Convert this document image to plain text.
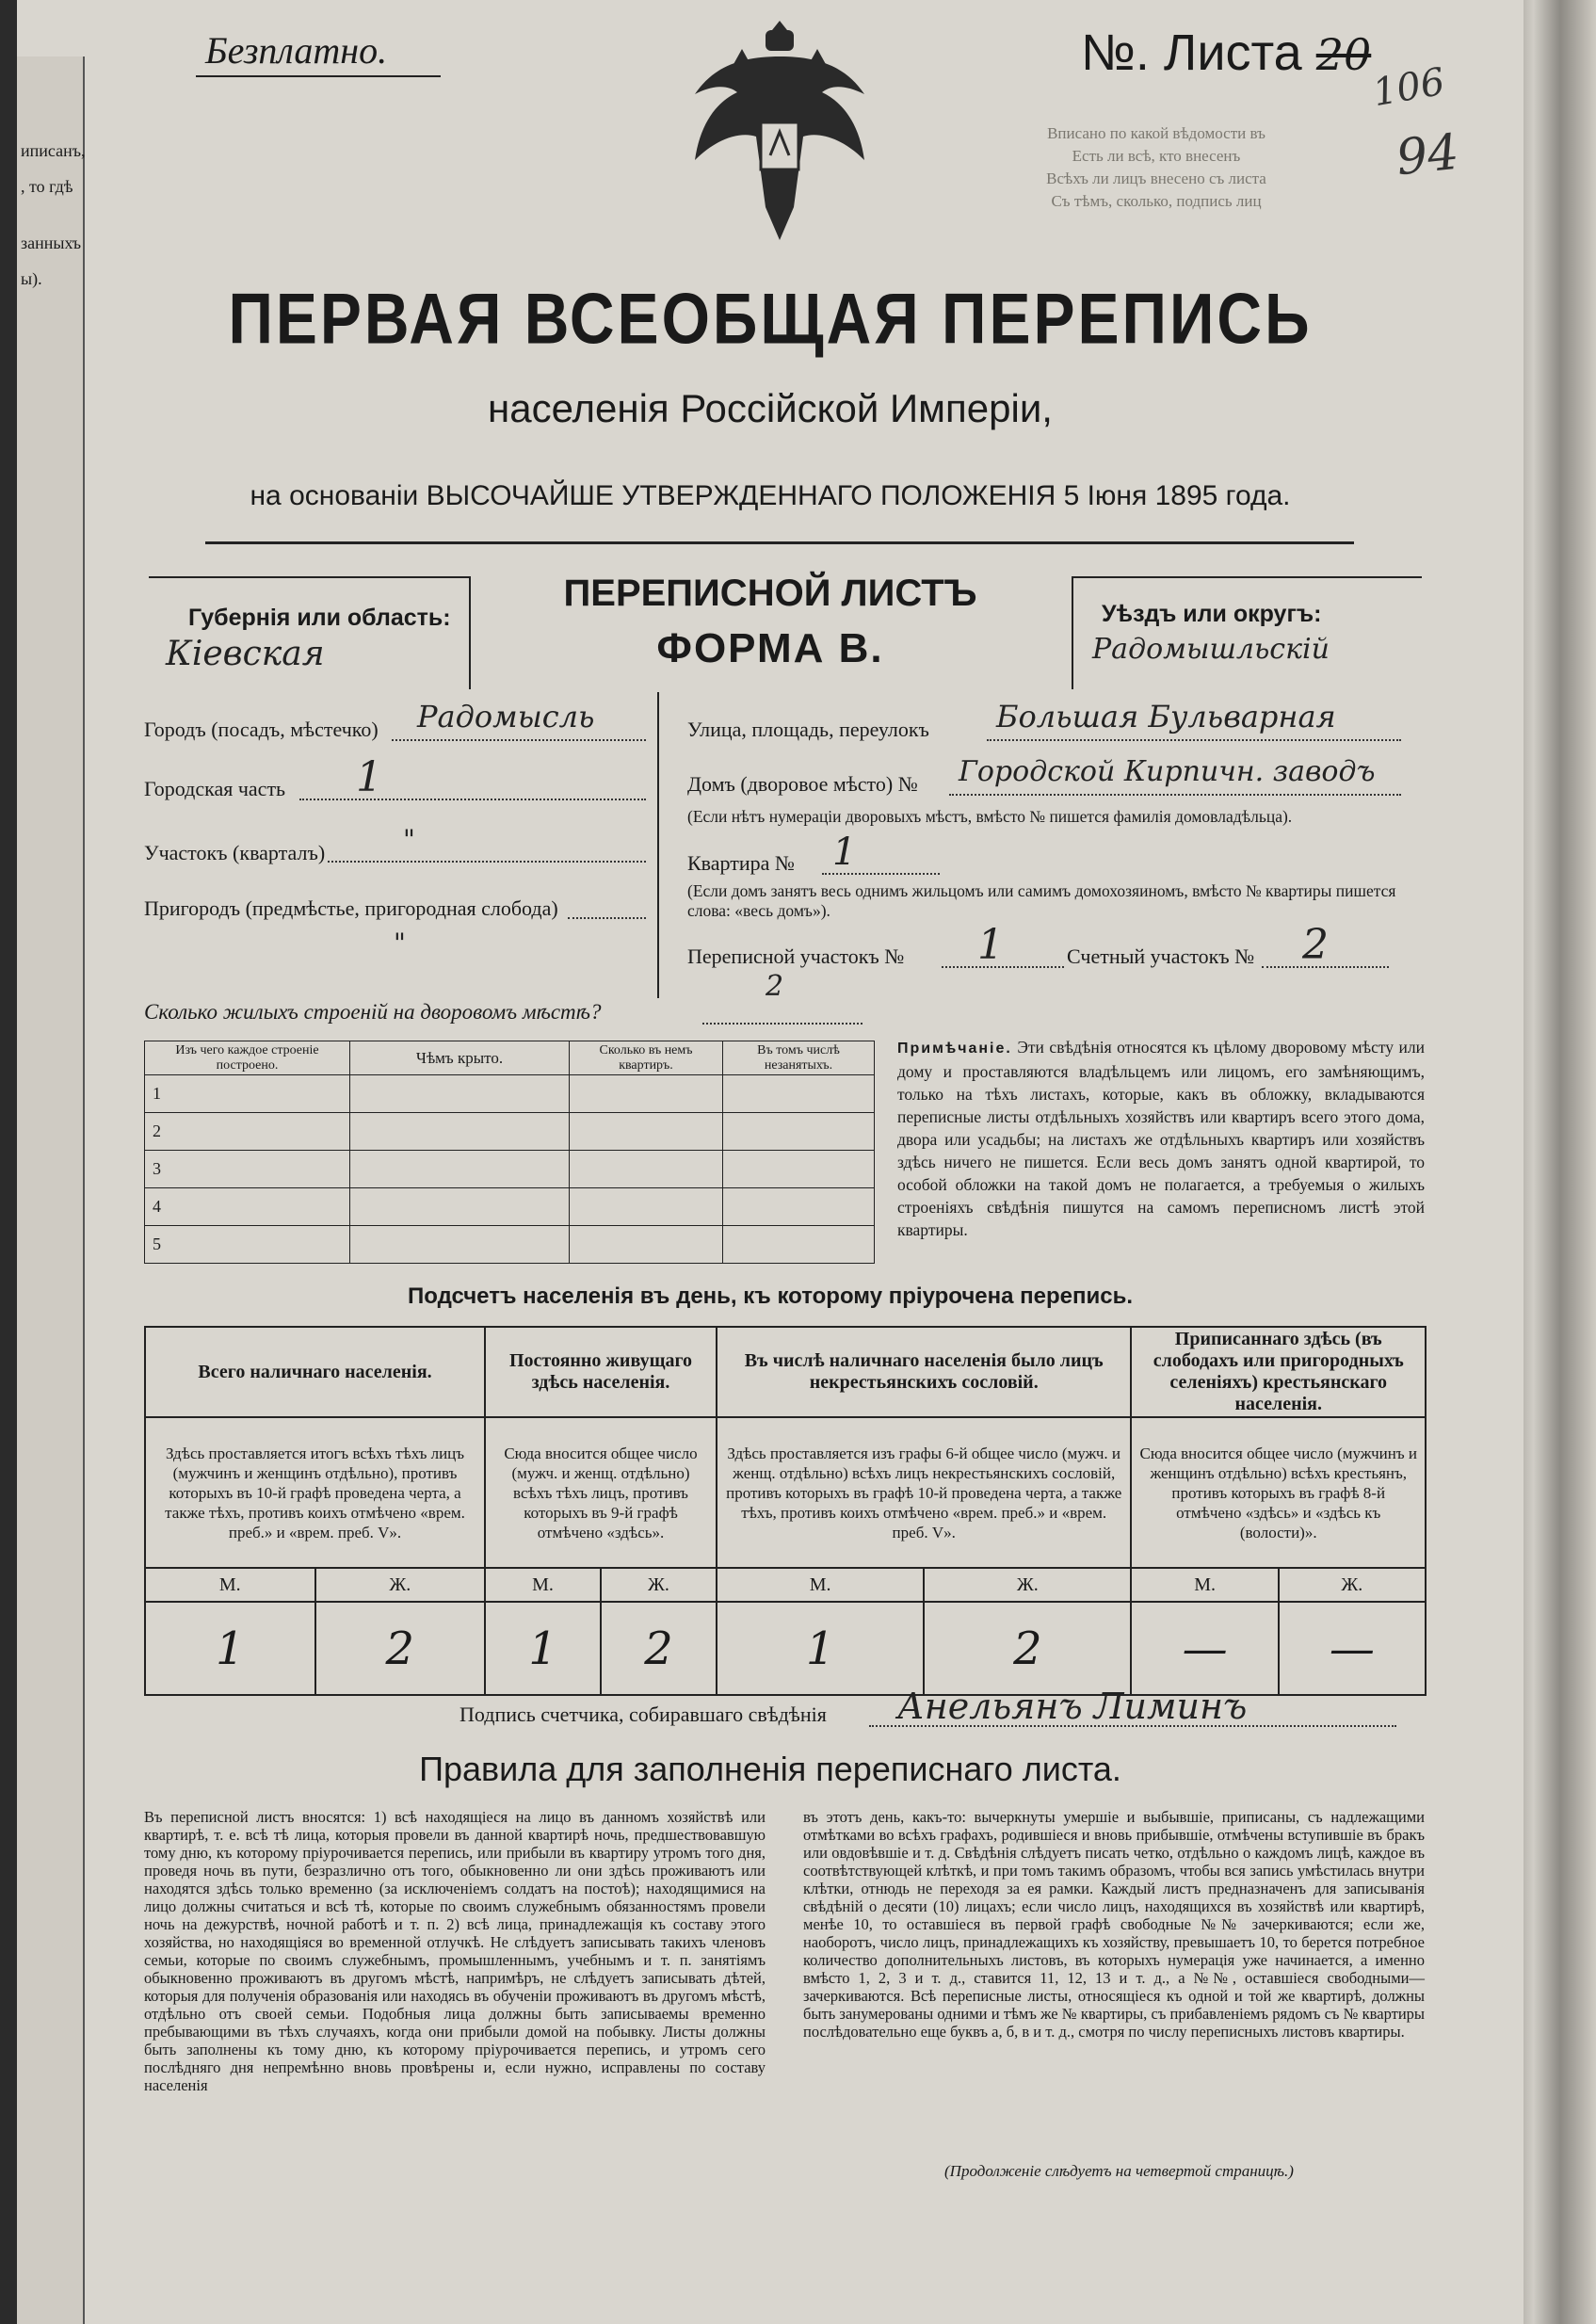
иписанъ,
, то гдѣ
занныхъ
ы).
Вписано по какой вѣдомости въ
Есть ли всѣ, кто внесенъ
Всѣхъ ли лицъ внесено съ листа
Съ тѣмъ, сколько, подпись лиц
Безплатно.	№. Листа 20
106
94
ПЕРВАЯ ВСЕОБЩАЯ ПЕРЕПИСЬ
населенія Россійской Имперіи,
на основаніи ВЫСОЧАЙШЕ УТВЕРЖДЕННАГО ПОЛОЖЕНІЯ 5 Іюня 1895 года.
Губернія или область:
Кіевская
ПЕРЕПИСНОЙ ЛИСТЪ
ФОРМА В.
Уѣздъ или округъ:
Радомышльскій
Городъ (посадъ, мѣстечко) Радомысль
Городская часть 1
Участокъ (кварталъ)	"
Пригородъ (предмѣстье, пригородная слобода)
"
Улица, площадь, переулокъ Большая Бульварная
Домъ (дворовое мѣсто) № Городской Кирпичн. заводъ
(Если нѣтъ нумераціи дворовыхъ мѣстъ, вмѣсто № пишется фамилія домовладѣльца).
Квартира № 1
(Если домъ занятъ весь однимъ жильцомъ или самимъ домохозяиномъ, вмѣсто № квартиры пишется слова: «весь домъ»).
Переписной участокъ № 1	Счетный участокъ № 2
Сколько жилыхъ строеній на дворовомъ мѣстѣ?
2
Изъ чего каждое строеніе построено.	Чѣмъ крыто.	Сколько въ немъ квартиръ.	Въ томъ числѣ незанятыхъ.
1			
2			
3			
4			
5			
Примѣчаніе. Эти свѣдѣнія относятся къ цѣлому дворовому мѣсту или дому и проставляются владѣльцемъ или лицомъ, его замѣняющимъ, только на тѣхъ листахъ, которые, какъ въ обложку, вкладываются переписные листы отдѣльныхъ хозяйствъ или квартиръ всего этого дома, двора или усадьбы; на листахъ же отдѣльныхъ квартиръ или хозяйствъ здѣсь ничего не пишется. Если весь домъ занятъ одной квартирой, то особой обложки на такой домъ не полагается, а требуемыя о жилыхъ строеніяхъ свѣдѣнія пишутся на самомъ переписномъ листѣ этой квартиры.
Подсчетъ населенія въ день, къ которому пріурочена перепись.
Всего наличнаго населенія.		Постоянно живущаго здѣсь населенія.		Въ числѣ наличнаго населенія было лицъ некрестьянскихъ сословій.		Приписаннаго здѣсь (въ слободахъ или пригородныхъ селеніяхъ) крестьянскаго населенія.	
Здѣсь проставляется итогъ всѣхъ тѣхъ лицъ (мужчинъ и женщинъ отдѣльно), противъ которыхъ въ 10-й графѣ проведена черта, а также тѣхъ, противъ коихъ отмѣчено «врем. преб.» и «врем. преб. V».		Сюда вносится общее число (мужч. и женщ. отдѣльно) всѣхъ тѣхъ лицъ, противъ которыхъ въ 9-й графѣ отмѣчено «здѣсь».		Здѣсь проставляется изъ графы 6-й общее число (мужч. и женщ. отдѣльно) всѣхъ лицъ некрестьянскихъ сословій, противъ которыхъ въ графѣ 10-й проведена черта, а также тѣхъ, противъ коихъ отмѣчено «врем. преб.» и «врем. преб. V».		Сюда вносится общее число (мужчинъ и женщинъ отдѣльно) всѣхъ крестьянъ, противъ которыхъ въ графѣ 8-й отмѣчено «здѣсь» и «здѣсь къ (волости)».	
М.	Ж.	М.	Ж.	М.	Ж.	М.	Ж.
1	2	1	2	1	2	—	—
Подпись счетчика, собиравшаго свѣдѣнія Анельянъ Лиминъ
Правила для заполненія переписнаго листа.
Въ переписной листъ вносятся: 1) всѣ находящіеся на лицо въ данномъ хозяйствѣ или квартирѣ, т. е. всѣ тѣ лица, которыя провели въ данной квартирѣ ночь, предшествовавшую тому дню, къ которому пріурочивается перепись, или прибыли въ квартиру утромъ того дня, проведя ночь въ пути, безразлично отъ того, обыкновенно ли они здѣсь проживаютъ или находятся здѣсь только временно (за исключеніемъ солдатъ на постоѣ); находящимися на лицо должны считаться и всѣ тѣ, которые по своимъ служебнымъ обязанностямъ провели ночь на дежурствѣ, ночной работѣ и т. п. 2) всѣ лица, принадлежащія къ составу этого хозяйства, но находящіяся во временной отлучкѣ. Не слѣдуетъ записывать такихъ членовъ семьи, которые по своимъ служебнымъ, промышленнымъ, учебнымъ и т. п. занятіямъ обыкновенно проживаютъ въ другомъ мѣстѣ, напримѣръ, не слѣдуетъ записывать дѣтей, которыя для полученія образованія или находясь въ обученіи проживаютъ въ другомъ мѣстѣ, отдѣльно отъ своей семьи. Подобныя лица должны быть записываемы временно пребывающими въ тѣхъ случаяхъ, когда они прибыли домой на побывку. Листы должны быть заполнены къ тому дню, къ которому пріурочивается перепись, и утромъ сего послѣдняго дня непремѣнно вновь провѣрены и, если нужно, исправлены по составу населенія
въ этотъ день, какъ-то: вычеркнуты умершіе и выбывшіе, приписаны, съ надлежащими отмѣтками во всѣхъ графахъ, родившіеся и вновь прибывшіе, отмѣчены вступившіе въ бракъ или овдовѣвшіе и т. д. Свѣдѣнія слѣдуетъ писать четко, отдѣльно о каждомъ лицѣ, каждое въ соотвѣтствующей клѣткѣ, и при томъ такимъ образомъ, чтобы вся запись умѣстилась внутри клѣтки, отнюдь не переходя за ея рамки. Каждый листъ предназначенъ для записыванія свѣдѣній о десяти (10) лицахъ; если число лицъ, находящихся въ хозяйствѣ или квартирѣ, менѣе 10, то оставшіеся въ первой графѣ свободные №№ зачеркиваются; если же, наоборотъ, число лицъ, принадлежащихъ къ хозяйству, превышаетъ 10, то берется потребное количество дополнительныхъ листовъ, въ которыхъ нумерація уже начинается, а именно вмѣсто 1, 2, 3 и т. д., ставится 11, 12, 13 и т. д., а №№, оставшіеся свободными—зачеркиваются. Всѣ переписные листы, относящіеся къ одной и той же квартирѣ, должны быть занумерованы одними и тѣмъ же № квартиры, съ прибавленіемъ рядомъ съ № квартиры послѣдовательно еще буквъ а, б, в и т. д., смотря по числу переписныхъ листовъ квартиры.
(Продолженіе слѣдуетъ на четвертой страницѣ.)
